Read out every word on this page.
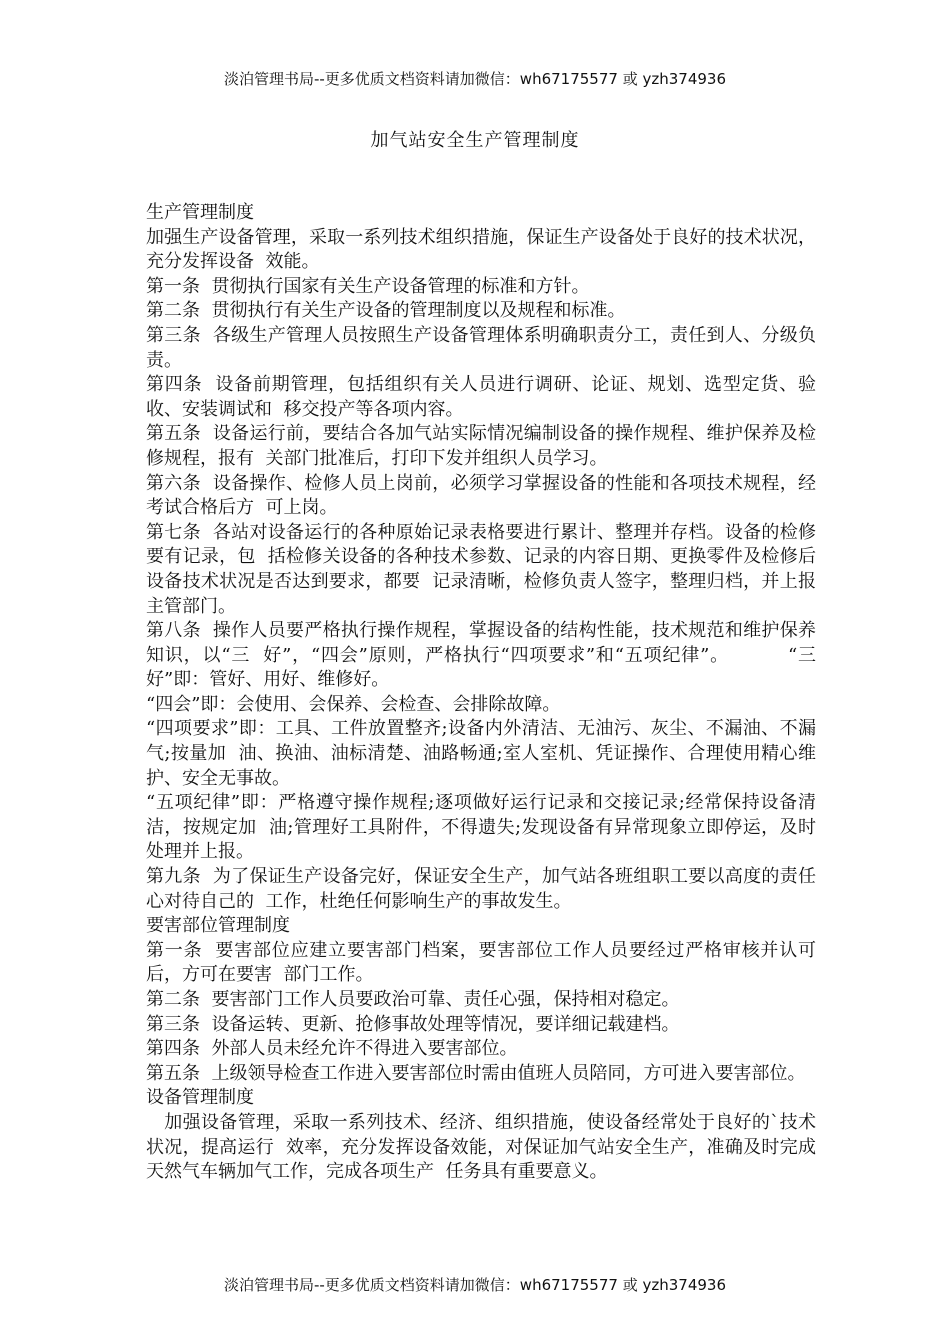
淡泊管理书局--更多优质文档资料请加微信：wh67175577 或 yzh374936
加气站安全生产管理制度

生产管理制度

加强生产设备管理，采取一系列技术组织措施，保证生产设备处于良好的技术状况，充分发挥设备  效能。

第一条  贯彻执行国家有关生产设备管理的标准和方针。

第二条  贯彻执行有关生产设备的管理制度以及规程和标准。

第三条  各级生产管理人员按照生产设备管理体系明确职责分工，责任到人、分级负责。

第四条  设备前期管理，包括组织有关人员进行调研、论证、规划、选型定货、验收、安装调试和  移交投产等各项内容。

第五条  设备运行前，要结合各加气站实际情况编制设备的操作规程、维护保养及检修规程，报有  关部门批准后，打印下发并组织人员学习。

第六条  设备操作、检修人员上岗前，必须学习掌握设备的性能和各项技术规程，经考试合格后方  可上岗。

第七条  各站对设备运行的各种原始记录表格要进行累计、整理并存档。设备的检修要有记录，包  括检修关设备的各种技术参数、记录的内容日期、更换零件及检修后设备技术状况是否达到要求，都要  记录清晰，检修负责人签字，整理归档，并上报主管部门。

第八条  操作人员要严格执行操作规程，掌握设备的结构性能，技术规范和维护保养知识，以“三  好”，“四会”原则，严格执行“四项要求”和“五项纪律”。         “三好”即：管好、用好、维修好。

“四会”即：会使用、会保养、会检查、会排除故障。

“四项要求”即：工具、工件放置整齐;设备内外清洁、无油污、灰尘、不漏油、不漏气;按量加  油、换油、油标清楚、油路畅通;室人室机、凭证操作、合理使用精心维护、安全无事故。

“五项纪律”即：严格遵守操作规程;逐项做好运行记录和交接记录;经常保持设备清洁，按规定加  油;管理好工具附件，不得遗失;发现设备有异常现象立即停运，及时处理并上报。

第九条  为了保证生产设备完好，保证安全生产，加气站各班组职工要以高度的责任心对待自己的  工作，杜绝任何影响生产的事故发生。

要害部位管理制度

第一条  要害部位应建立要害部门档案，要害部位工作人员要经过严格审核并认可后，方可在要害  部门工作。

第二条  要害部门工作人员要政治可靠、责任心强，保持相对稳定。

第三条  设备运转、更新、抢修事故处理等情况，要详细记载建档。

第四条  外部人员未经允许不得进入要害部位。

第五条  上级领导检查工作进入要害部位时需由值班人员陪同，方可进入要害部位。

设备管理制度

加强设备管理，采取一系列技术、经济、组织措施，使设备经常处于良好的`技术状况，提高运行  效率，充分发挥设备效能，对保证加气站安全生产，准确及时完成天然气车辆加气工作，完成各项生产  任务具有重要意义。

淡泊管理书局--更多优质文档资料请加微信：wh67175577 或 yzh374936
